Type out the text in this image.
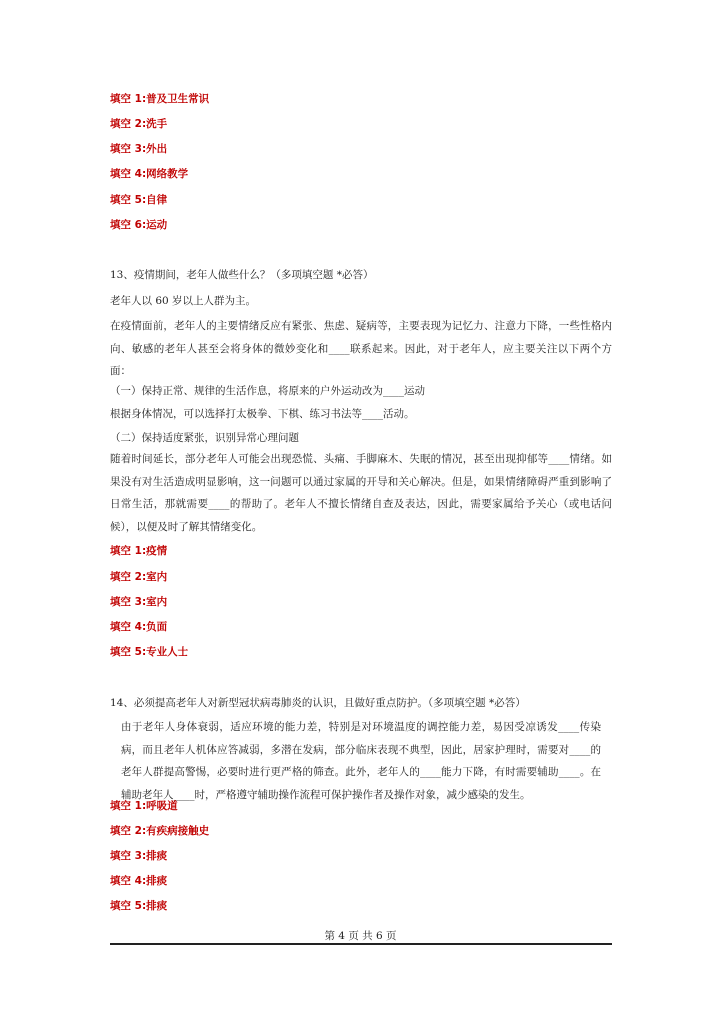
填空 1:普及卫生常识
填空 2:洗手
填空 3:外出
填空 4:网络教学
填空 5:自律
填空 6:运动
13、疫情期间，老年人做些什么？（多项填空题 *必答）
老年人以 60 岁以上人群为主。
在疫情面前，老年人的主要情绪反应有紧张、焦虑、疑病等，主要表现为记忆力、注意力下降，一些性格内向、敏感的老年人甚至会将身体的微妙变化和____联系起来。因此，对于老年人，应主要关注以下两个方面：
（一）保持正常、规律的生活作息，将原来的户外运动改为____运动
根据身体情况，可以选择打太极拳、下棋、练习书法等____活动。
（二）保持适度紧张，识别异常心理问题
随着时间延长，部分老年人可能会出现恐慌、头痛、手脚麻木、失眠的情况，甚至出现抑郁等____情绪。如果没有对生活造成明显影响，这一问题可以通过家属的开导和关心解决。但是，如果情绪障碍严重到影响了日常生活，那就需要____的帮助了。老年人不擅长情绪自查及表达，因此，需要家属给予关心（或电话问候），以便及时了解其情绪变化。
填空 1:疫情
填空 2:室内
填空 3:室内
填空 4:负面
填空 5:专业人士
14、必须提高老年人对新型冠状病毒肺炎的认识，且做好重点防护。（多项填空题 *必答）
由于老年人身体衰弱，适应环境的能力差，特别是对环境温度的调控能力差，易因受凉诱发____传染病，而且老年人机体应答减弱，多潜在发病，部分临床表现不典型，因此，居家护理时，需要对____的老年人群提高警惕，必要时进行更严格的筛查。此外，老年人的____能力下降，有时需要辅助____。在辅助老年人____时，严格遵守辅助操作流程可保护操作者及操作对象，减少感染的发生。
填空 1:呼吸道
填空 2:有疾病接触史
填空 3:排痰
填空 4:排痰
填空 5:排痰
第 4 页 共 6 页
